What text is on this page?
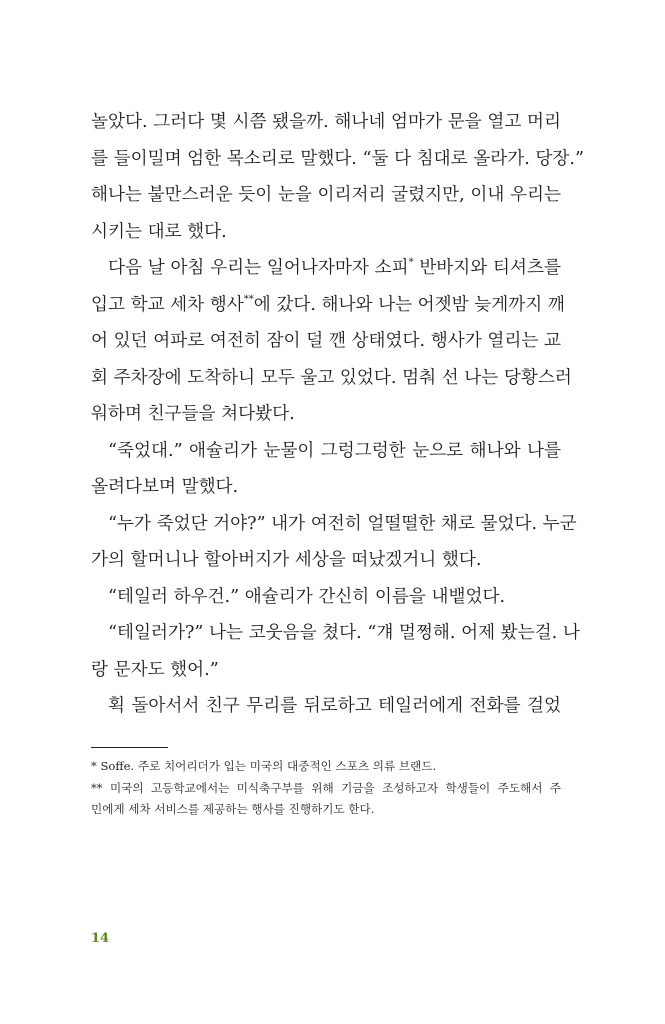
놀았다. 그러다 몇 시쯤 됐을까. 해나네 엄마가 문을 열고 머리
를 들이밀며 엄한 목소리로 말했다. “둘 다 침대로 올라가. 당장.”
해나는 불만스러운 듯이 눈을 이리저리 굴렸지만, 이내 우리는
시키는 대로 했다.
다음 날 아침 우리는 일어나자마자 소피* 반바지와 티셔츠를
입고 학교 세차 행사**에 갔다. 해나와 나는 어젯밤 늦게까지 깨
어 있던 여파로 여전히 잠이 덜 깬 상태였다. 행사가 열리는 교
회 주차장에 도착하니 모두 울고 있었다. 멈춰 선 나는 당황스러
워하며 친구들을 쳐다봤다.
“죽었대.” 애슐리가 눈물이 그렁그렁한 눈으로 해나와 나를
올려다보며 말했다.
“누가 죽었단 거야?” 내가 여전히 얼떨떨한 채로 물었다. 누군
가의 할머니나 할아버지가 세상을 떠났겠거니 했다.
“테일러 하우건.” 애슐리가 간신히 이름을 내뱉었다.
“테일러가?” 나는 코웃음을 쳤다. “걔 멀쩡해. 어제 봤는걸. 나
랑 문자도 했어.”
획 돌아서서 친구 무리를 뒤로하고 테일러에게 전화를 걸었
* Soffe. 주로 치어리더가 입는 미국의 대중적인 스포츠 의류 브랜드.
** 미국의 고등학교에서는 미식축구부를 위해 기금을 조성하고자 학생들이 주도해서 주
민에게 세차 서비스를 제공하는 행사를 진행하기도 한다.
14
